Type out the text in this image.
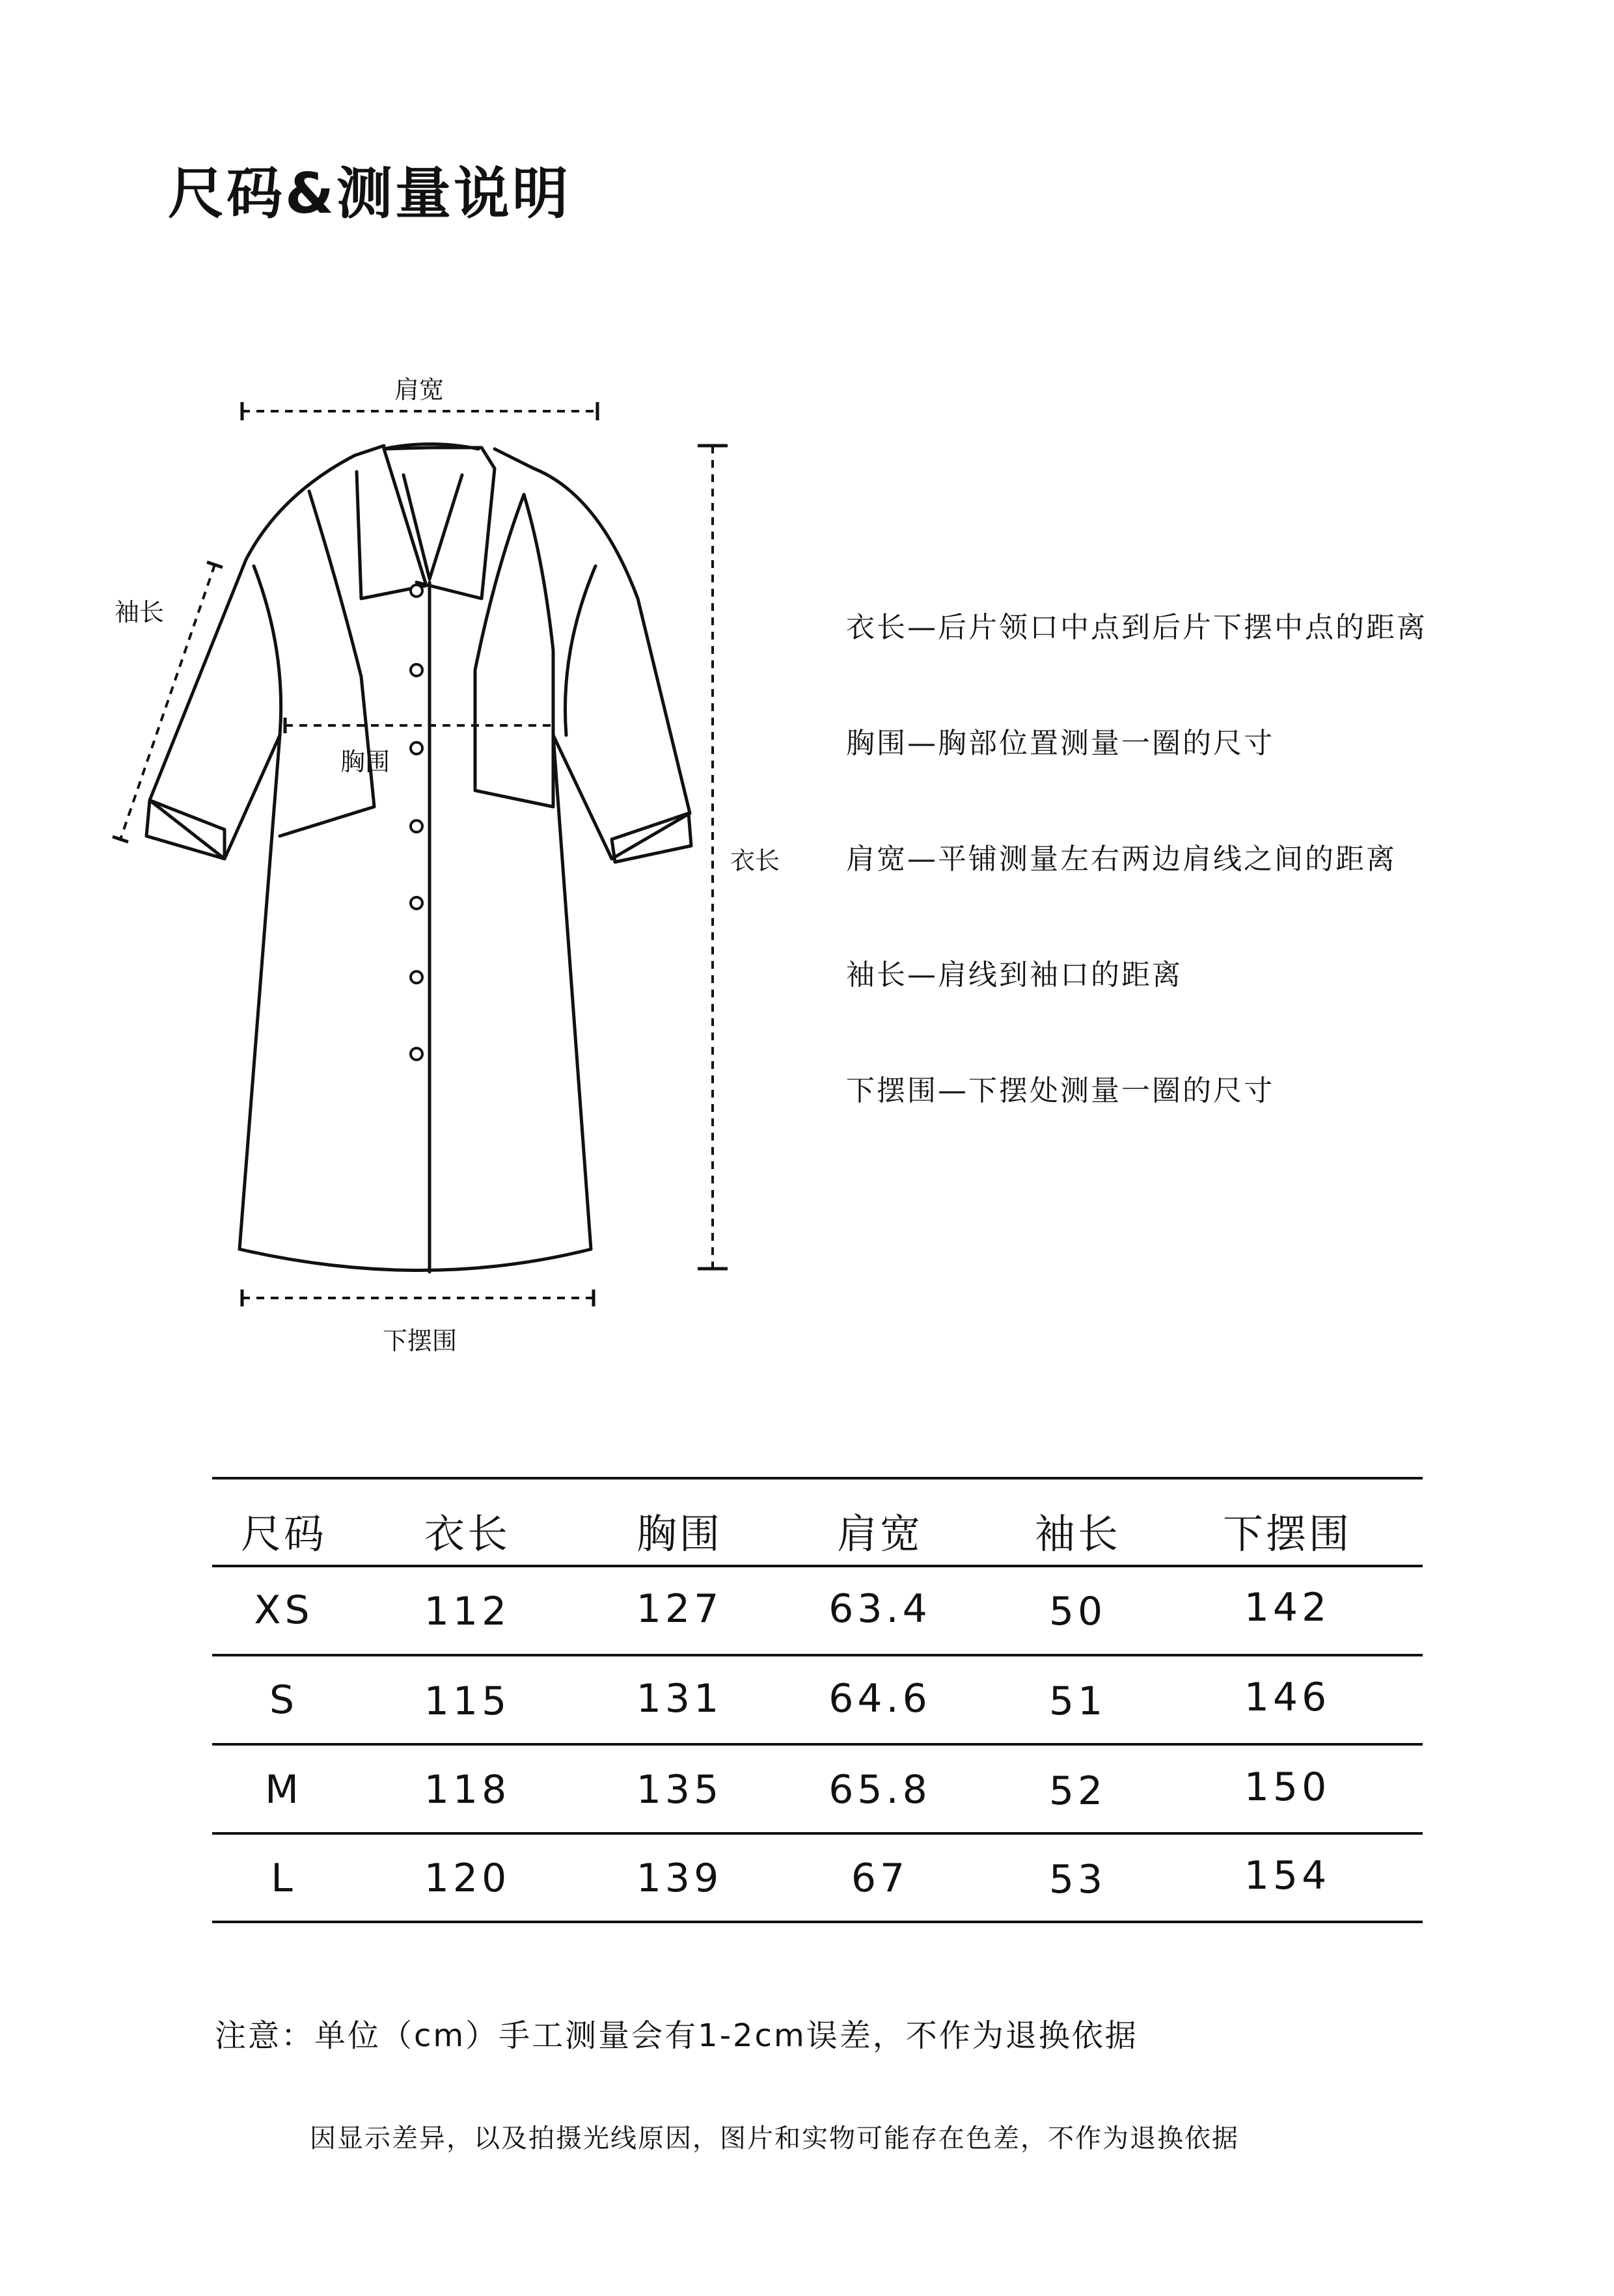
尺码&测量说明
肩宽
袖长
胸围
衣长
下摆围
衣长—后片领口中点到后片下摆中点的距离
胸围—胸部位置测量一圈的尺寸
肩宽—平铺测量左右两边肩线之间的距离
袖长—肩线到袖口的距离
下摆围—下摆处测量一圈的尺寸
尺码	衣长	胸围	肩宽	袖长	下摆围
XS	112	127	63.4	50	142
S	115	131	64.6	51	146
M	118	135	65.8	52	150
L	120	139	67	53	154
注意：单位（cm）手工测量会有1-2cm误差，不作为退换依据
因显示差异，以及拍摄光线原因，图片和实物可能存在色差，不作为退换依据
